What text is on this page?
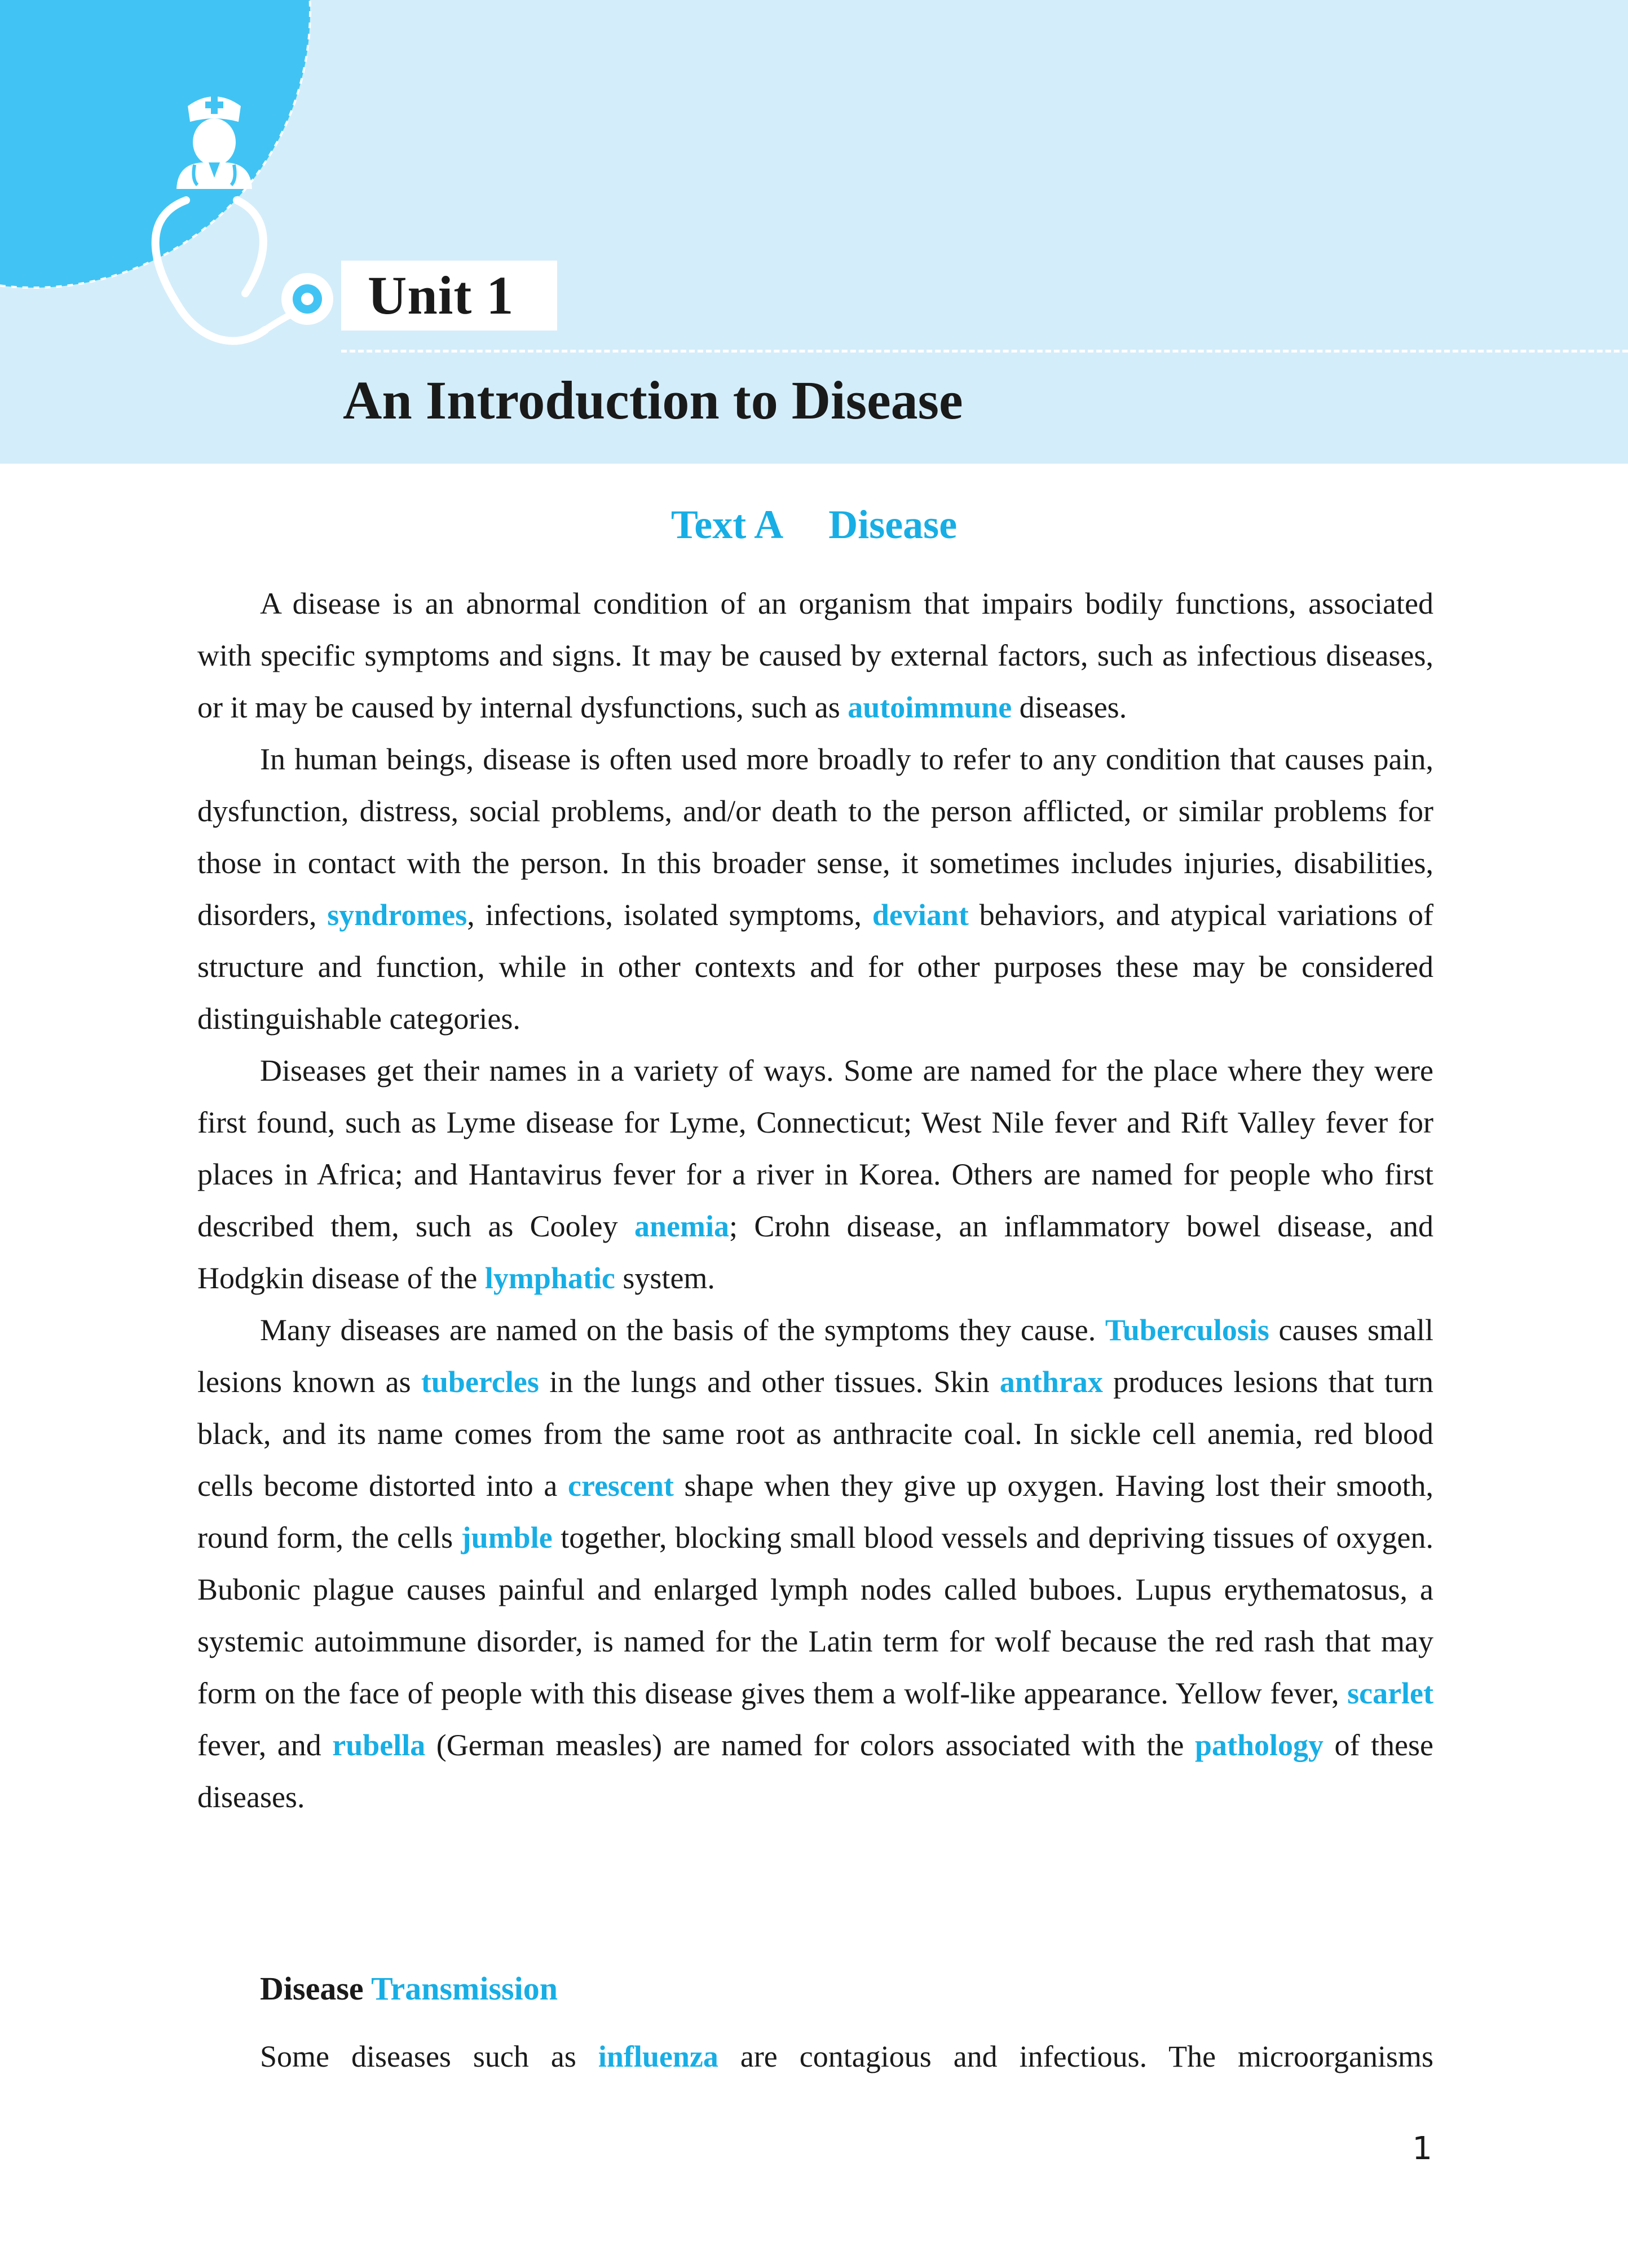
Unit 1
An Introduction to Disease
Text A Disease

A disease is an abnormal condition of an organism that impairs bodily functions, associated with specific symptoms and signs. It may be caused by external factors, such as infectious diseases, or it may be caused by internal dysfunctions, such as autoimmune diseases.

In human beings, disease is often used more broadly to refer to any condition that causes pain, dysfunction, distress, social problems, and/or death to the person afflicted, or similar problems for those in contact with the person. In this broader sense, it sometimes includes injuries, disabilities, disorders, syndromes, infections, isolated symptoms, deviant behaviors, and atypical variations of structure and function, while in other contexts and for other purposes these may be considered distinguishable categories.

Diseases get their names in a variety of ways. Some are named for the place where they were first found, such as Lyme disease for Lyme, Connecticut; West Nile fever and Rift Valley fever for places in Africa; and Hantavirus fever for a river in Korea. Others are named for people who first described them, such as Cooley anemia; Crohn disease, an inflammatory bowel disease, and Hodgkin disease of the lymphatic system.

Many diseases are named on the basis of the symptoms they cause. Tuberculosis causes small lesions known as tubercles in the lungs and other tissues. Skin anthrax produces lesions that turn black, and its name comes from the same root as anthracite coal. In sickle cell anemia, red blood cells become distorted into a crescent shape when they give up oxygen. Having lost their smooth, round form, the cells jumble together, blocking small blood vessels and depriving tissues of oxygen. Bubonic plague causes painful and enlarged lymph nodes called buboes. Lupus erythematosus, a systemic autoimmune disorder, is named for the Latin term for wolf because the red rash that may form on the face of people with this disease gives them a wolf-like appearance. Yellow fever, scarlet fever, and rubella (German measles) are named for colors associated with the pathology of these diseases.

Disease Transmission

Some diseases such as influenza are contagious and infectious. The microorganisms

1
